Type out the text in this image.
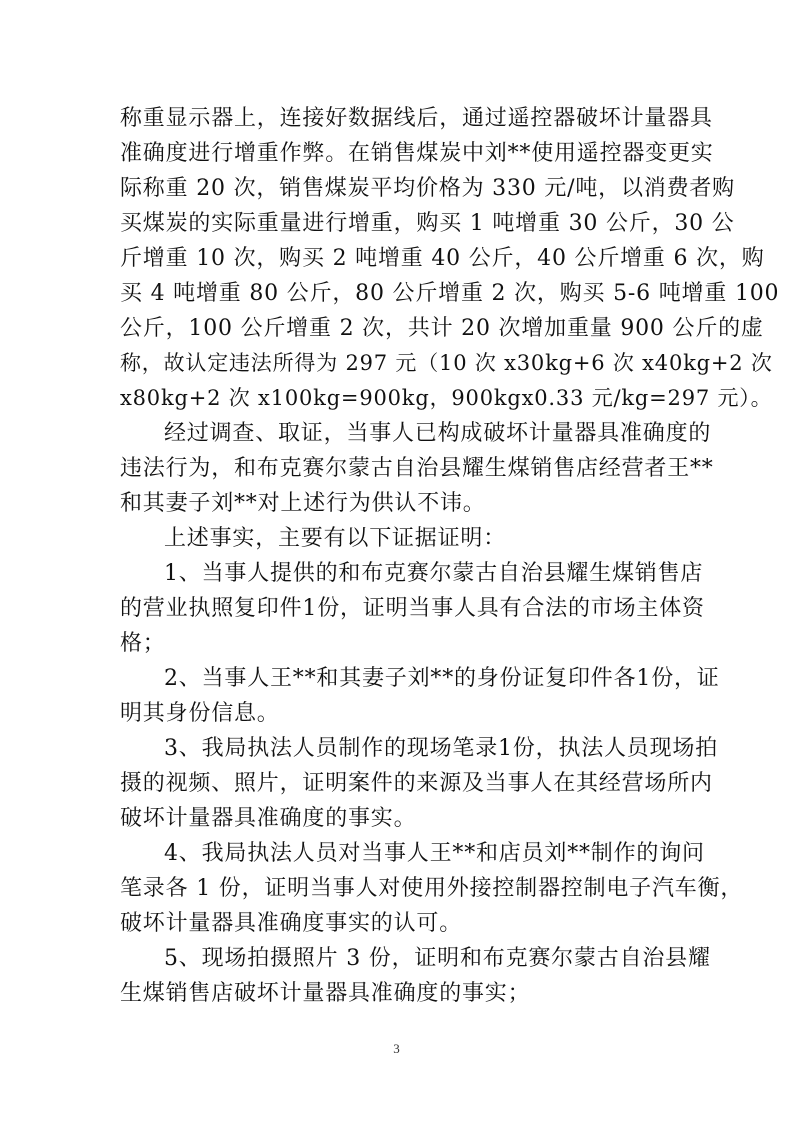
称重显示器上，连接好数据线后，通过遥控器破坏计量器具
准确度进行增重作弊。在销售煤炭中刘**使用遥控器变更实
际称重 20 次，销售煤炭平均价格为 330 元/吨，以消费者购
买煤炭的实际重量进行增重，购买 1 吨增重 30 公斤，30 公
斤增重 10 次，购买 2 吨增重 40 公斤，40 公斤增重 6 次，购
买 4 吨增重 80 公斤，80 公斤增重 2 次，购买 5-6 吨增重 100
公斤，100 公斤增重 2 次，共计 20 次增加重量 900 公斤的虚
称，故认定违法所得为 297 元（10 次 x30kg+6 次 x40kg+2 次
x80kg+2 次 x100kg=900kg，900kgx0.33 元/kg=297 元）。
经过调查、取证，当事人已构成破坏计量器具准确度的
违法行为，和布克赛尔蒙古自治县耀生煤销售店经营者王**
和其妻子刘**对上述行为供认不讳。
上述事实，主要有以下证据证明：
1、当事人提供的和布克赛尔蒙古自治县耀生煤销售店
的营业执照复印件1份，证明当事人具有合法的市场主体资
格；
2、当事人王**和其妻子刘**的身份证复印件各1份，证
明其身份信息。
3、我局执法人员制作的现场笔录1份，执法人员现场拍
摄的视频、照片，证明案件的来源及当事人在其经营场所内
破坏计量器具准确度的事实。
4、我局执法人员对当事人王**和店员刘**制作的询问
笔录各 1 份，证明当事人对使用外接控制器控制电子汽车衡，
破坏计量器具准确度事实的认可。
5、现场拍摄照片 3 份，证明和布克赛尔蒙古自治县耀
生煤销售店破坏计量器具准确度的事实；
3
